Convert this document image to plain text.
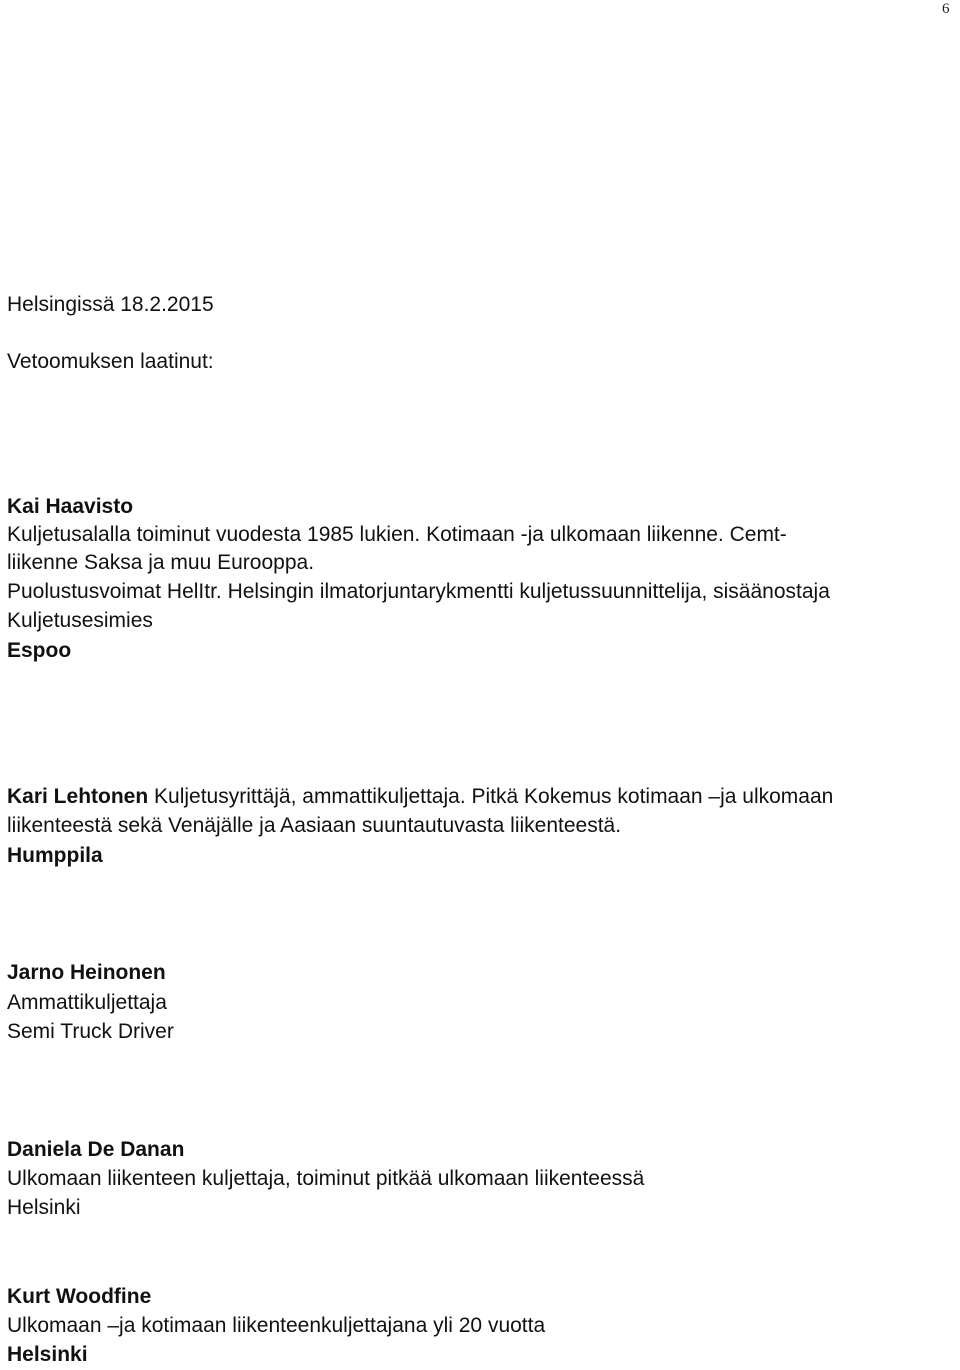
6
Helsingissä 18.2.2015
Vetoomuksen laatinut:
Kai Haavisto
Kuljetusalalla toiminut vuodesta 1985 lukien. Kotimaan -ja ulkomaan liikenne. Cemt-
liikenne Saksa ja muu Eurooppa.
Puolustusvoimat HelItr. Helsingin ilmatorjuntarykmentti kuljetussuunnittelija, sisäänostaja
Kuljetusesimies
Espoo
Kari Lehtonen Kuljetusyrittäjä, ammattikuljettaja. Pitkä Kokemus kotimaan –ja ulkomaan
liikenteestä sekä Venäjälle ja Aasiaan suuntautuvasta liikenteestä.
Humppila
Jarno Heinonen
Ammattikuljettaja
Semi Truck Driver
Daniela De Danan
Ulkomaan liikenteen kuljettaja, toiminut pitkää ulkomaan liikenteessä
Helsinki
Kurt Woodfine
Ulkomaan –ja kotimaan liikenteenkuljettajana yli 20 vuotta
Helsinki
